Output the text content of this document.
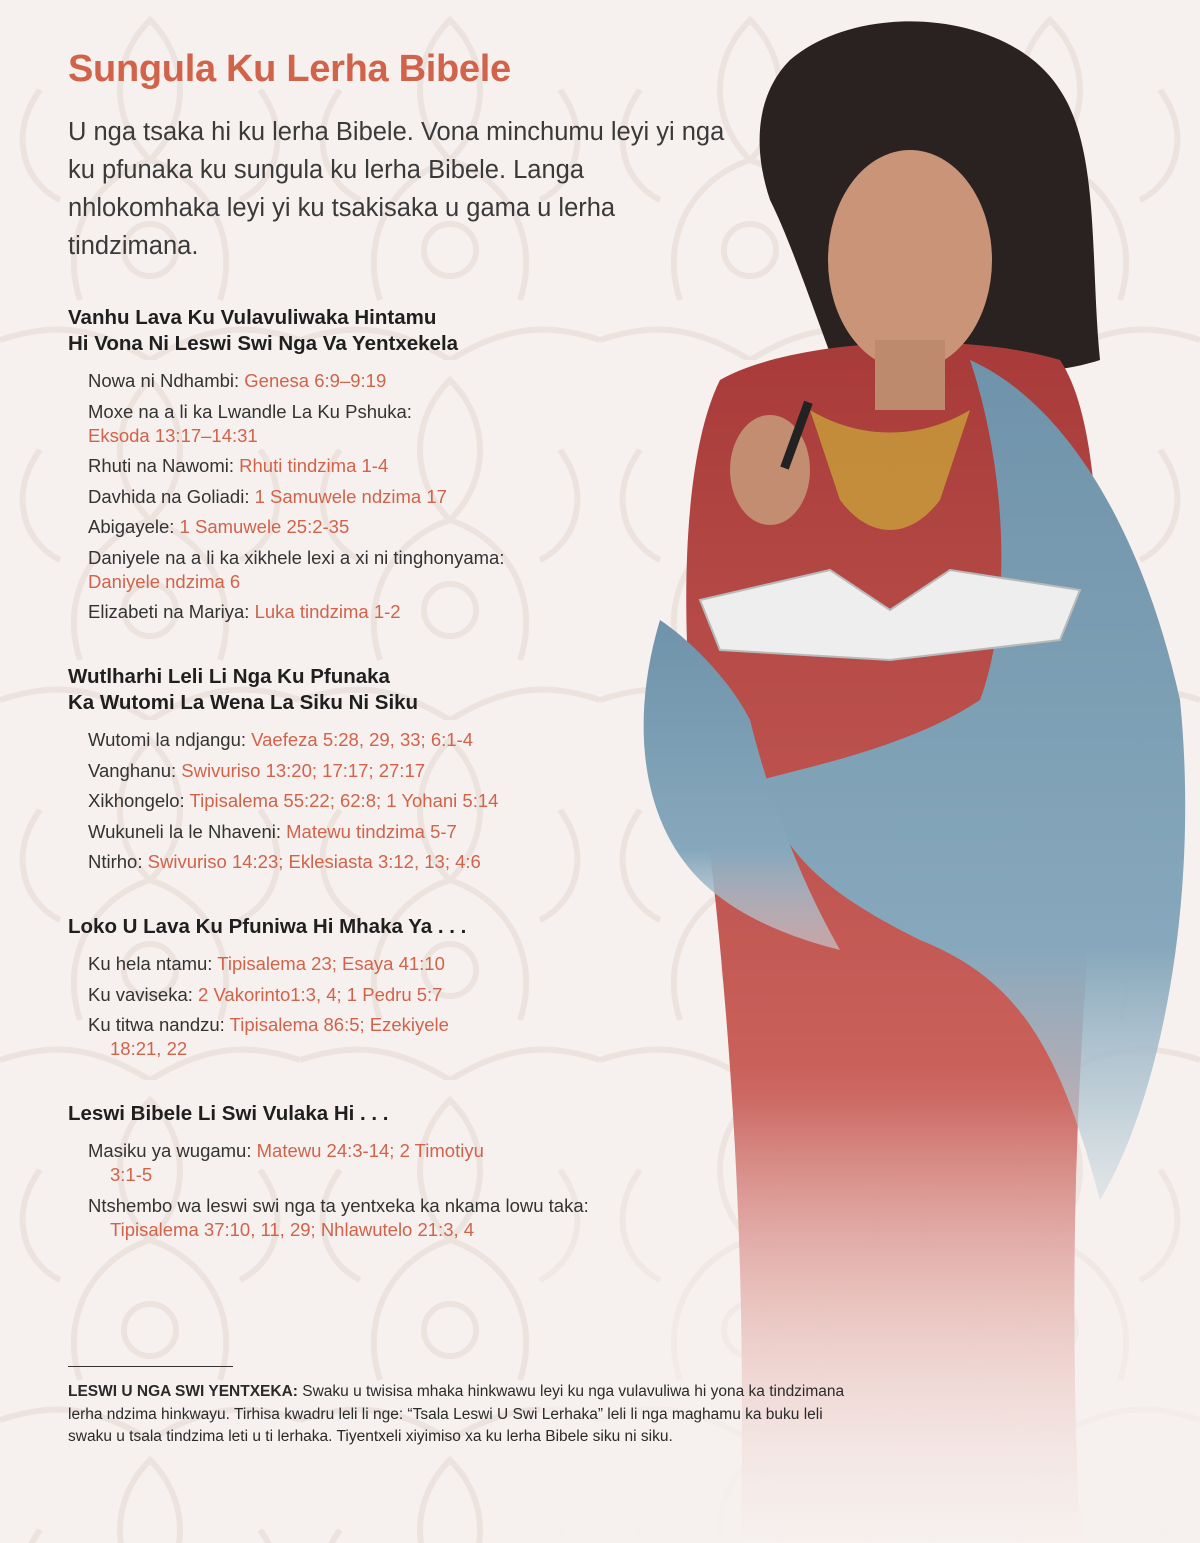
Sungula Ku Lerha Bibele

U nga tsaka hi ku lerha Bibele. Vona minchumu leyi yi nga ku pfunaka ku sungula ku lerha Bibele. Langa nhlokomhaka leyi yi ku tsakisaka u gama u lerha tindzimana.

Vanhu Lava Ku Vulavuliwaka Hintamu
Hi Vona Ni Leswi Swi Nga Va Yentxekela
Nowa ni Ndhambi: Genesa 6:9–9:19
Moxe na a li ka Lwandle La Ku Pshuka:
Eksoda 13:17–14:31
Rhuti na Nawomi: Rhuti tindzima 1-4
Davhida na Goliadi: 1 Samuwele ndzima 17
Abigayele: 1 Samuwele 25:2-35
Daniyele na a li ka xikhele lexi a xi ni tinghonyama:
Daniyele ndzima 6
Elizabeti na Mariya: Luka tindzima 1-2
Wutlharhi Leli Li Nga Ku Pfunaka
Ka Wutomi La Wena La Siku Ni Siku
Wutomi la ndjangu: Vaefeza 5:28, 29, 33; 6:1-4
Vanghanu: Swivuriso 13:20; 17:17; 27:17
Xikhongelo: Tipisalema 55:22; 62:8; 1 Yohani 5:14
Wukuneli la le Nhaveni: Matewu tindzima 5-7
Ntirho: Swivuriso 14:23; Eklesiasta 3:12, 13; 4:6
Loko U Lava Ku Pfuniwa Hi Mhaka Ya . . .
Ku hela ntamu: Tipisalema 23; Esaya 41:10
Ku vaviseka: 2 Vakorinto1:3, 4; 1 Pedru 5:7
Ku titwa nandzu: Tipisalema 86:5; Ezekiyele 18:21, 22
Leswi Bibele Li Swi Vulaka Hi . . .
Masiku ya wugamu: Matewu 24:3-14; 2 Timotiyu 3:1-5
Ntshembo wa leswi swi nga ta yentxeka ka nkama lowu taka: Tipisalema 37:10, 11, 29; Nhlawutelo 21:3, 4
LESWI U NGA SWI YENTXEKA: Swaku u twisisa mhaka hinkwawu leyi ku nga vulavuliwa hi yona ka tindzimana lerha ndzima hinkwayu. Tirhisa kwadru leli li nge: “Tsala Leswi U Swi Lerhaka” leli li nga maghamu ka buku leli swaku u tsala tindzima leti u ti lerhaka. Tiyentxeli xiyimiso xa ku lerha Bibele siku ni siku.
